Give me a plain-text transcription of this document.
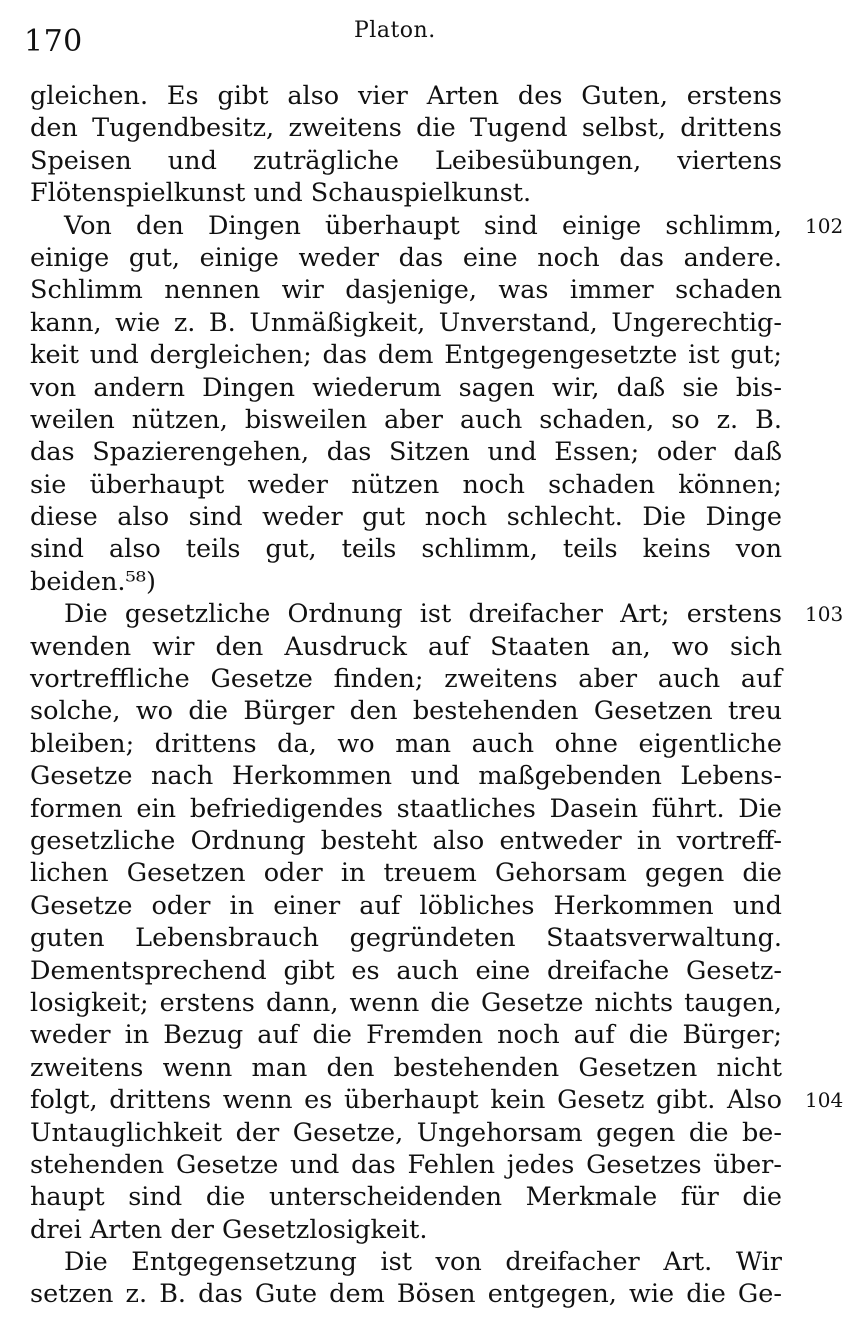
170	Platon.
gleichen. Es gibt also vier Arten des Guten, erstens
den Tugendbesitz, zweitens die Tugend selbst, drittens
Speisen und zuträgliche Leibesübungen, viertens
Flötenspielkunst und Schauspielkunst.
Von den Dingen überhaupt sind einige schlimm, 102
einige gut, einige weder das eine noch das andere.
Schlimm nennen wir dasjenige, was immer schaden
kann, wie z. B. Unmäßigkeit, Unverstand, Ungerechtig-
keit und dergleichen; das dem Entgegengesetzte ist gut;
von andern Dingen wiederum sagen wir, daß sie bis-
weilen nützen, bisweilen aber auch schaden, so z. B.
das Spazierengehen, das Sitzen und Essen; oder daß
sie überhaupt weder nützen noch schaden können;
diese also sind weder gut noch schlecht. Die Dinge
sind also teils gut, teils schlimm, teils keins von
beiden.⁵⁸)
Die gesetzliche Ordnung ist dreifacher Art; erstens 103
wenden wir den Ausdruck auf Staaten an, wo sich
vortreffliche Gesetze finden; zweitens aber auch auf
solche, wo die Bürger den bestehenden Gesetzen treu
bleiben; drittens da, wo man auch ohne eigentliche
Gesetze nach Herkommen und maßgebenden Lebens-
formen ein befriedigendes staatliches Dasein führt. Die
gesetzliche Ordnung besteht also entweder in vortreff-
lichen Gesetzen oder in treuem Gehorsam gegen die
Gesetze oder in einer auf löbliches Herkommen und
guten Lebensbrauch gegründeten Staatsverwaltung.
Dementsprechend gibt es auch eine dreifache Gesetz-
losigkeit; erstens dann, wenn die Gesetze nichts taugen,
weder in Bezug auf die Fremden noch auf die Bürger;
zweitens wenn man den bestehenden Gesetzen nicht
folgt, drittens wenn es überhaupt kein Gesetz gibt. Also 104
Untauglichkeit der Gesetze, Ungehorsam gegen die be-
stehenden Gesetze und das Fehlen jedes Gesetzes über-
haupt sind die unterscheidenden Merkmale für die
drei Arten der Gesetzlosigkeit.
Die Entgegensetzung ist von dreifacher Art. Wir
setzen z. B. das Gute dem Bösen entgegen, wie die Ge-
